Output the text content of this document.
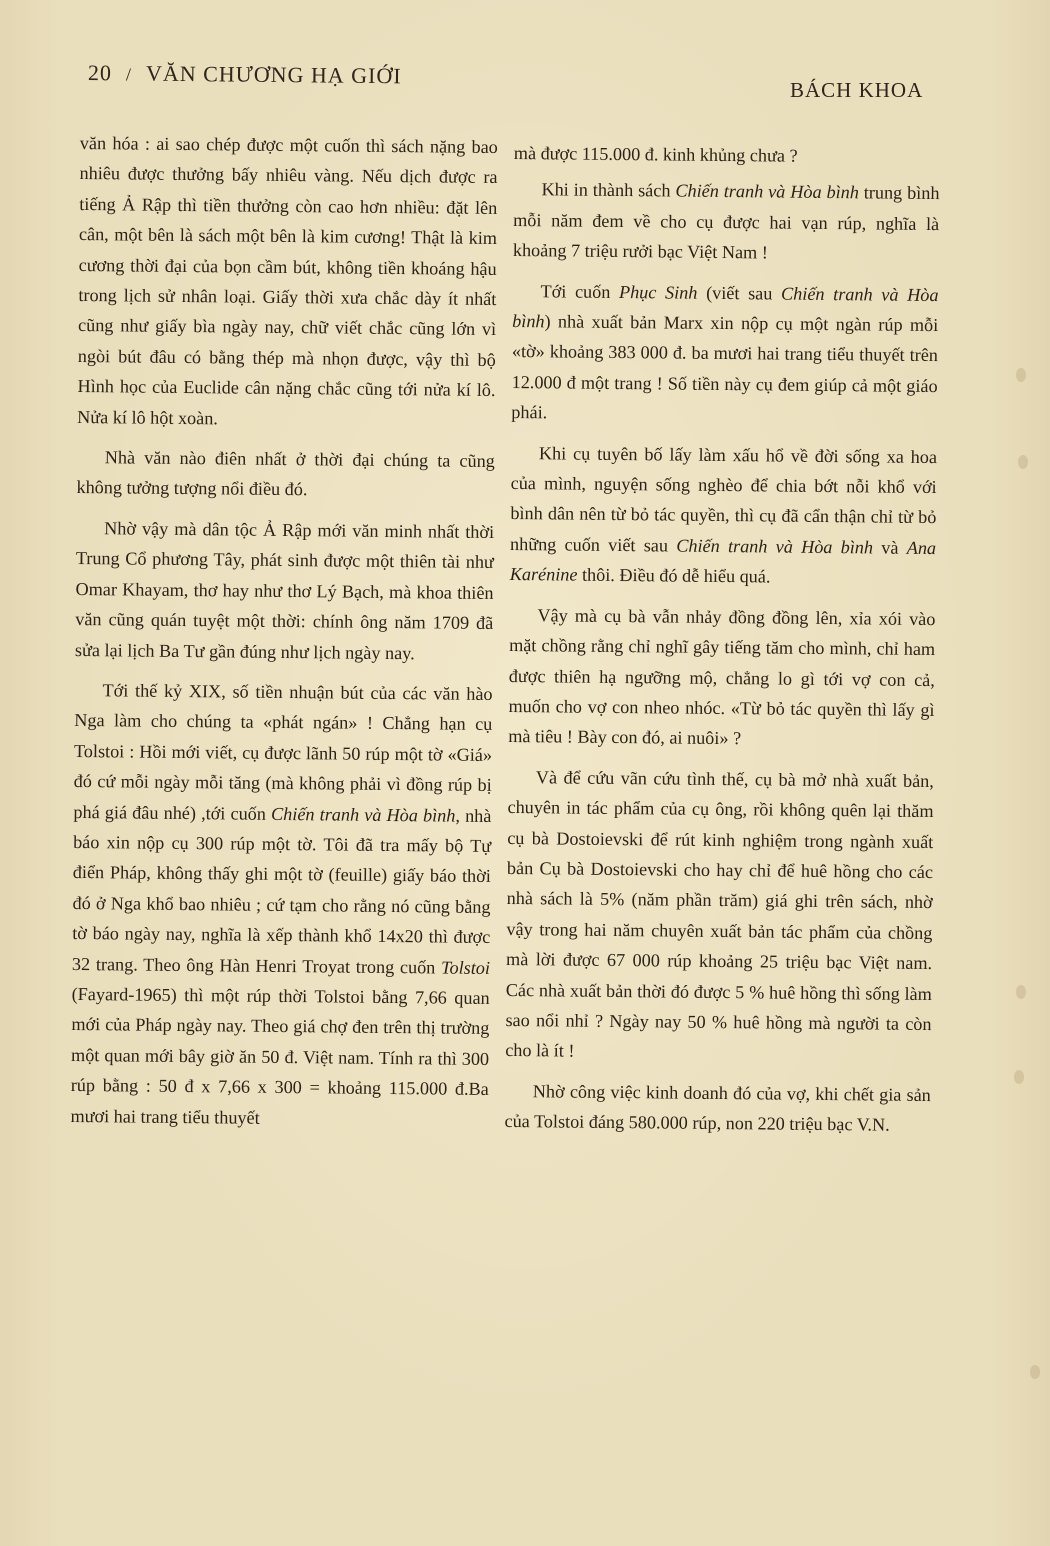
20 / VĂN CHƯƠNG HẠ GIỚI
BÁCH KHOA

văn hóa : ai sao chép được một cuốn thì sách nặng bao nhiêu được thưởng bấy nhiêu vàng. Nếu dịch được ra tiếng Ả Rập thì tiền thưởng còn cao hơn nhiều: đặt lên cân, một bên là sách một bên là kim cương! Thật là kim cương thời đại của bọn cầm bút, không tiền khoáng hậu trong lịch sử nhân loại. Giấy thời xưa chắc dày ít nhất cũng như giấy bìa ngày nay, chữ viết chắc cũng lớn vì ngòi bút đâu có bằng thép mà nhọn được, vậy thì bộ Hình học của Euclide cân nặng chắc cũng tới nửa kí lô. Nửa kí lô hột xoàn.

Nhà văn nào điên nhất ở thời đại chúng ta cũng không tưởng tượng nổi điều đó.

Nhờ vậy mà dân tộc Ả Rập mới văn minh nhất thời Trung Cổ phương Tây, phát sinh được một thiên tài như Omar Khayam, thơ hay như thơ Lý Bạch, mà khoa thiên văn cũng quán tuyệt một thời: chính ông năm 1709 đã sửa lại lịch Ba Tư gần đúng như lịch ngày nay.

Tới thế kỷ XIX, số tiền nhuận bút của các văn hào Nga làm cho chúng ta «phát ngán» ! Chẳng hạn cụ Tolstoi : Hồi mới viết, cụ được lãnh 50 rúp một tờ «Giá» đó cứ mỗi ngày mỗi tăng (mà không phải vì đồng rúp bị phá giá đâu nhé) ,tới cuốn Chiến tranh và Hòa bình, nhà báo xin nộp cụ 300 rúp một tờ. Tôi đã tra mấy bộ Tự điển Pháp, không thấy ghi một tờ (feuille) giấy báo thời đó ở Nga khổ bao nhiêu ; cứ tạm cho rằng nó cũng bằng tờ báo ngày nay, nghĩa là xếp thành khổ 14x20 thì được 32 trang. Theo ông Hàn Henri Troyat trong cuốn Tolstoi (Fayard-1965) thì một rúp thời Tolstoi bằng 7,66 quan mới của Pháp ngày nay. Theo giá chợ đen trên thị trường một quan mới bây giờ ăn 50 đ. Việt nam. Tính ra thì 300 rúp bằng : 50 đ x 7,66 x 300 = khoảng 115.000 đ.Ba mươi hai trang tiểu thuyết

mà được 115.000 đ. kinh khủng chưa ?

Khi in thành sách Chiến tranh và Hòa bình trung bình mỗi năm đem về cho cụ được hai vạn rúp, nghĩa là khoảng 7 triệu rưởi bạc Việt Nam !

Tới cuốn Phục Sinh (viết sau Chiến tranh và Hòa bình) nhà xuất bản Marx xin nộp cụ một ngàn rúp mỗi «tờ» khoảng 383 000 đ. ba mươi hai trang tiểu thuyết trên 12.000 đ một trang ! Số tiền này cụ đem giúp cả một giáo phái.

Khi cụ tuyên bố lấy làm xấu hổ về đời sống xa hoa của mình, nguyện sống nghèo để chia bớt nỗi khổ với bình dân nên từ bỏ tác quyền, thì cụ đã cẩn thận chỉ từ bỏ những cuốn viết sau Chiến tranh và Hòa bình và Ana Karénine thôi. Điều đó dễ hiểu quá.

Vậy mà cụ bà vẫn nhảy đồng đồng lên, xỉa xói vào mặt chồng rằng chỉ nghĩ gây tiếng tăm cho mình, chỉ ham được thiên hạ ngưỡng mộ, chẳng lo gì tới vợ con cả, muốn cho vợ con nheo nhóc. «Từ bỏ tác quyền thì lấy gì mà tiêu ! Bày con đó, ai nuôi» ?

Và để cứu vãn cứu tình thế, cụ bà mở nhà xuất bản, chuyên in tác phẩm của cụ ông, rồi không quên lại thăm cụ bà Dostoievski để rút kinh nghiệm trong ngành xuất bản Cụ bà Dostoievski cho hay chỉ để huê hồng cho các nhà sách là 5% (năm phần trăm) giá ghi trên sách, nhờ vậy trong hai năm chuyên xuất bản tác phẩm của chồng mà lời được 67 000 rúp khoảng 25 triệu bạc Việt nam. Các nhà xuất bản thời đó được 5 % huê hồng thì sống làm sao nổi nhỉ ? Ngày nay 50 % huê hồng mà người ta còn cho là ít !

Nhờ công việc kinh doanh đó của vợ, khi chết gia sản của Tolstoi đáng 580.000 rúp, non 220 triệu bạc V.N.
